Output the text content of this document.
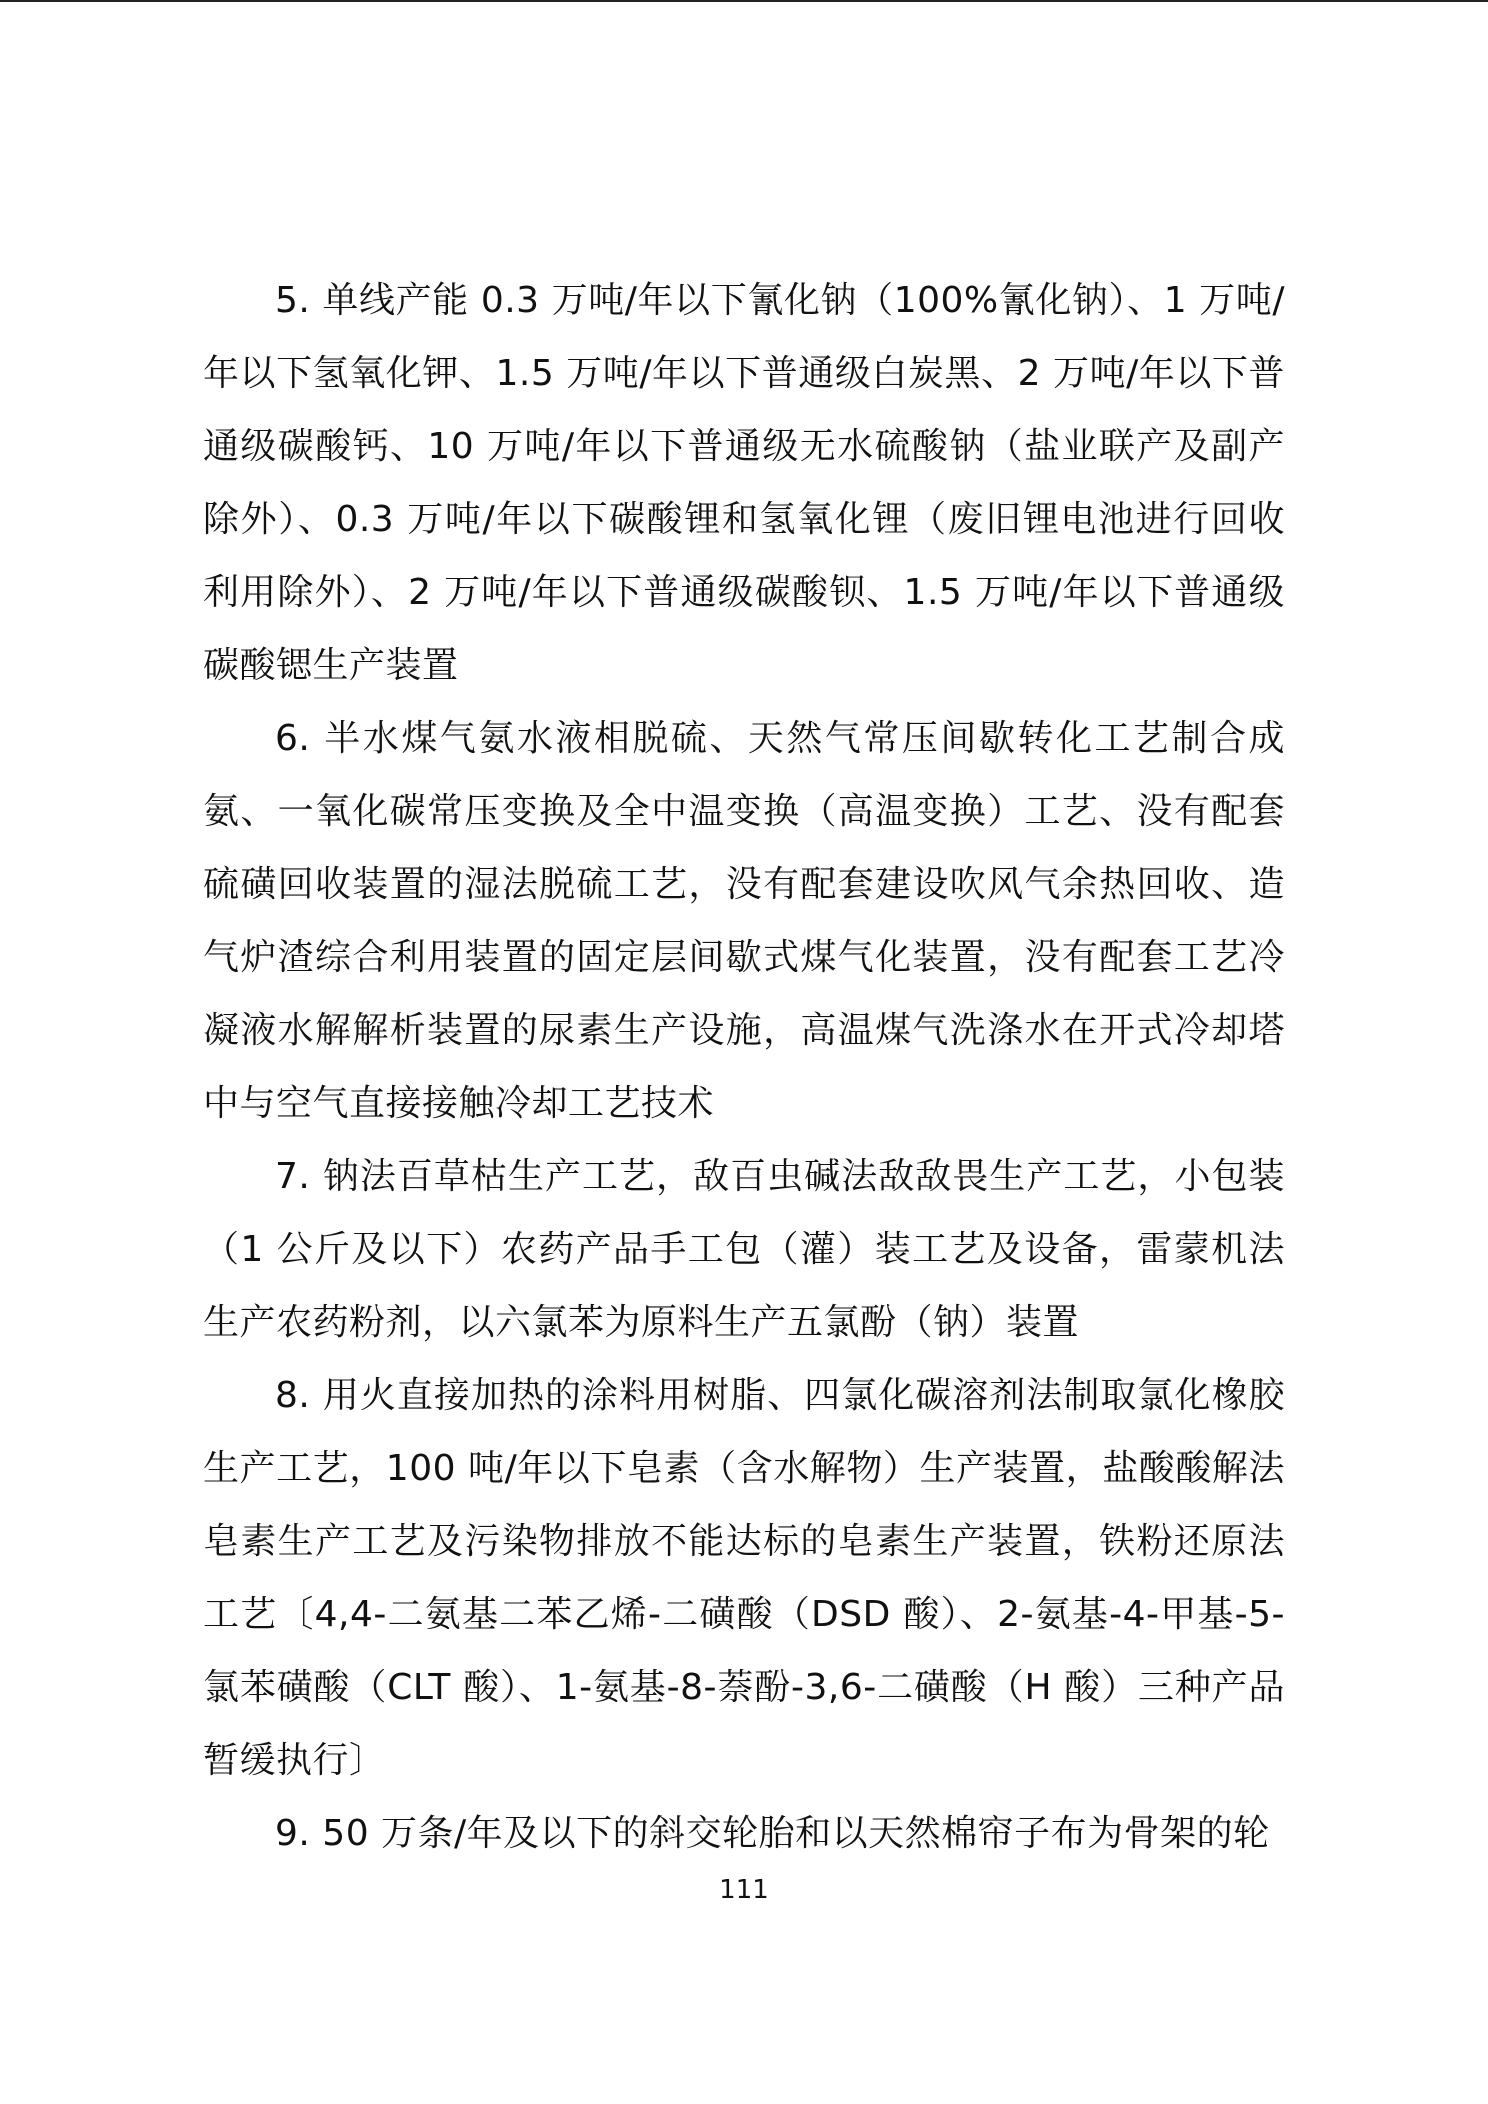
5. 单线产能 0.3 万吨/年以下氰化钠（100%氰化钠）、1 万吨/年以下氢氧化钾、1.5 万吨/年以下普通级白炭黑、2 万吨/年以下普通级碳酸钙、10 万吨/年以下普通级无水硫酸钠（盐业联产及副产除外）、0.3 万吨/年以下碳酸锂和氢氧化锂（废旧锂电池进行回收利用除外）、2 万吨/年以下普通级碳酸钡、1.5 万吨/年以下普通级碳酸锶生产装置

6. 半水煤气氨水液相脱硫、天然气常压间歇转化工艺制合成氨、一氧化碳常压变换及全中温变换（高温变换）工艺、没有配套硫磺回收装置的湿法脱硫工艺，没有配套建设吹风气余热回收、造气炉渣综合利用装置的固定层间歇式煤气化装置，没有配套工艺冷凝液水解解析装置的尿素生产设施，高温煤气洗涤水在开式冷却塔中与空气直接接触冷却工艺技术

7. 钠法百草枯生产工艺，敌百虫碱法敌敌畏生产工艺，小包装（1 公斤及以下）农药产品手工包（灌）装工艺及设备，雷蒙机法生产农药粉剂，以六氯苯为原料生产五氯酚（钠）装置

8. 用火直接加热的涂料用树脂、四氯化碳溶剂法制取氯化橡胶生产工艺，100 吨/年以下皂素（含水解物）生产装置，盐酸酸解法皂素生产工艺及污染物排放不能达标的皂素生产装置，铁粉还原法工艺〔4,4-二氨基二苯乙烯-二磺酸（DSD 酸）、2-氨基-4-甲基-5-氯苯磺酸（CLT 酸）、1-氨基-8-萘酚-3,6-二磺酸（H 酸）三种产品暂缓执行〕

9. 50 万条/年及以下的斜交轮胎和以天然棉帘子布为骨架的轮

111
